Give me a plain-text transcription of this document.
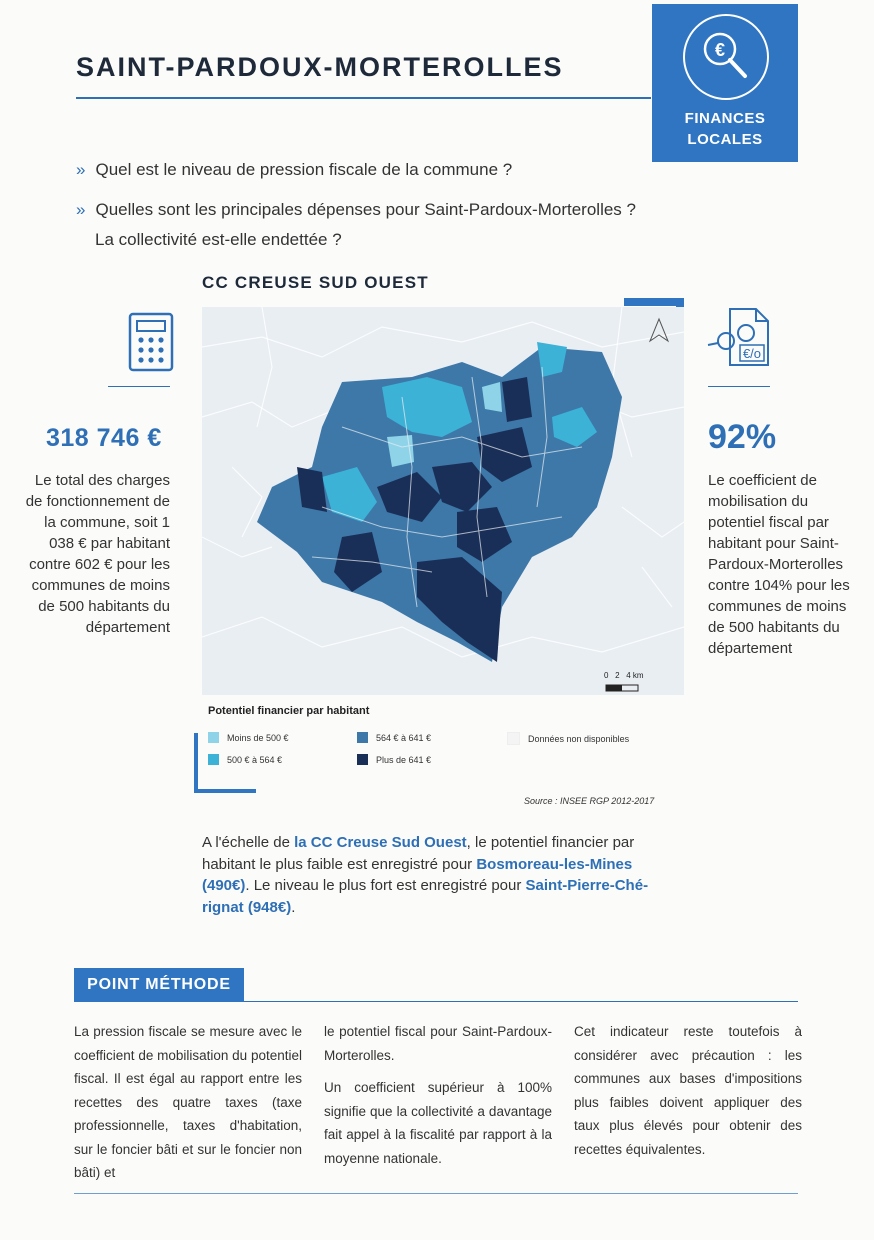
SAINT-PARDOUX-MORTEROLLES
€
FINANCES
LOCALES
» Quel est le niveau de pression fiscale de la commune ?
» Quelles sont les principales dépenses pour Saint-Pardoux-Morterolles ?
La collectivité est-elle endettée ?
CC CREUSE SUD OUEST
318 746 €
Le total des charges de fonctionnement de la commune, soit 1 038 € par habitant contre 602 € pour les communes de moins de 500 habitants du département
€/o
92%
Le coefficient de mobilisation du potentiel fiscal par habitant pour Saint-Pardoux-Morterolles contre 104% pour les communes de moins de 500 habitants du département
0   2   4 km
Potentiel financier par habitant
Moins de 500 €
500 € à 564 €
564 € à 641 €
Plus de 641 €
Données non disponibles
Source : INSEE RGP 2012-2017
A l'échelle de la CC Creuse Sud Ouest, le potentiel financier par habitant le plus faible est enregistré pour Bosmoreau-les-Mines (490€). Le niveau le plus fort est enregistré pour Saint-Pierre-Ché-rignat (948€).
POINT MÉTHODE

La pression fiscale se mesure avec le coefficient de mobilisation du potentiel fiscal. Il est égal au rapport entre les recettes des quatre taxes (taxe professionnelle, taxes d'habitation, sur le foncier bâti et sur le foncier non bâti) et

le potentiel fiscal pour Saint-Pardoux-Morterolles.

Un coefficient supérieur à 100% signifie que la collectivité a davantage fait appel à la fiscalité par rapport à la moyenne nationale.

Cet indicateur reste toutefois à considérer avec précaution : les communes aux bases d'impositions plus faibles doivent appliquer des taux plus élevés pour obtenir des recettes équivalentes.
